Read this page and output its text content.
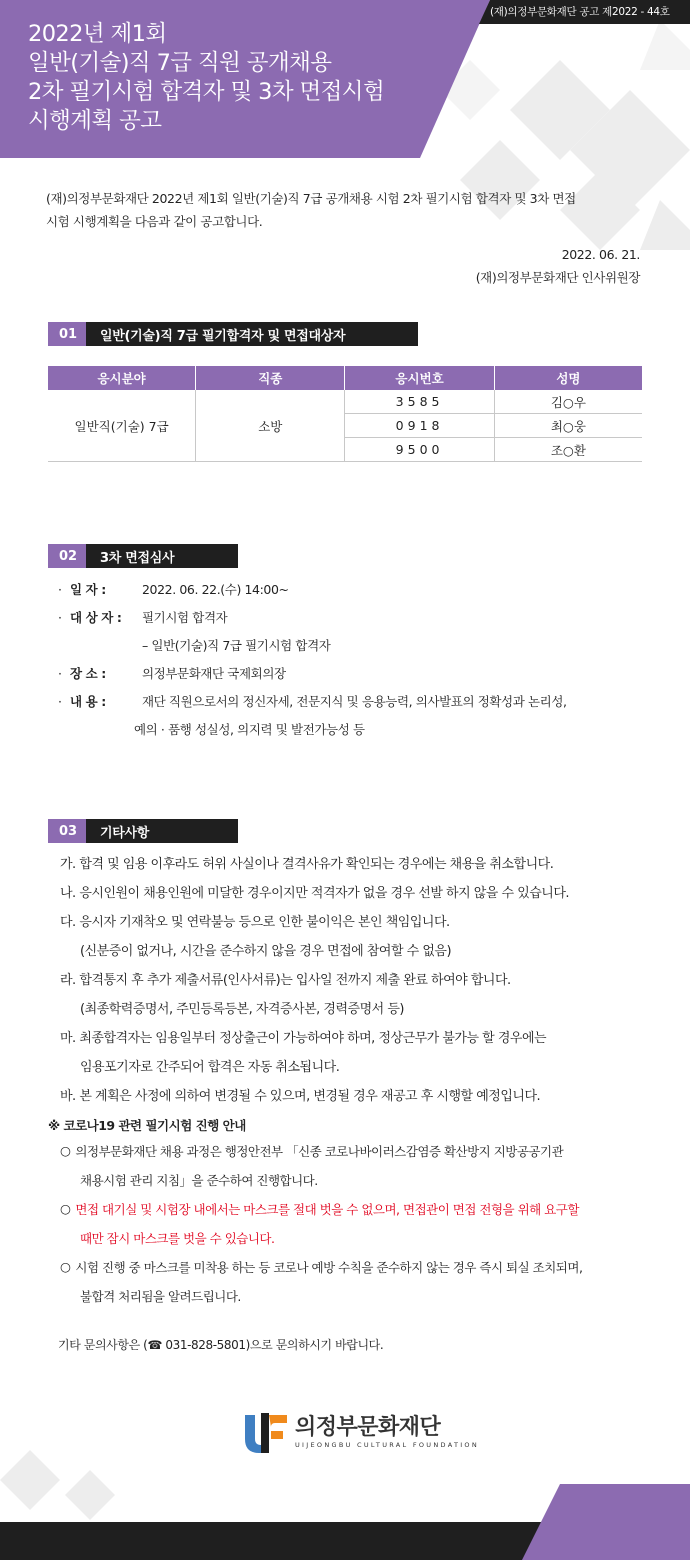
(재)의정부문화재단 공고 제2022 - 44호
2022년 제1회
일반(기술)직 7급 직원 공개채용
2차 필기시험 합격자 및 3차 면접시험
시행계획 공고
(재)의정부문화재단 2022년 제1회 일반(기술)직 7급 공개채용 시험 2차 필기시험 합격자 및 3차 면접
시험 시행계획을 다음과 같이 공고합니다.
2022. 06. 21.
(재)의정부문화재단 인사위원장
01	일반(기술)직 7급 필기합격자 및 면접대상자
응시분야	직종	응시번호	성명
일반직(기술) 7급	소방	3585	김○우
		0918	최○웅
		9500	조○환
02	3차 면접심사
· 일 자 :	2022. 06. 22.(수) 14:00~
· 대 상 자 :	필기시험 합격자
– 일반(기술)직 7급 필기시험 합격자
· 장 소 :	의정부문화재단 국제회의장
· 내 용 :	재단 직원으로서의 정신자세, 전문지식 및 응용능력, 의사발표의 정확성과 논리성,
예의 · 품행 성실성, 의지력 및 발전가능성 등
03	기타사항
가. 합격 및 임용 이후라도 허위 사실이나 결격사유가 확인되는 경우에는 채용을 취소합니다.
나. 응시인원이 채용인원에 미달한 경우이지만 적격자가 없을 경우 선발 하지 않을 수 있습니다.
다. 응시자 기재착오 및 연락불능 등으로 인한 불이익은 본인 책임입니다.
(신분증이 없거나, 시간을 준수하지 않을 경우 면접에 참여할 수 없음)
라. 합격통지 후 추가 제출서류(인사서류)는 입사일 전까지 제출 완료 하여야 합니다.
(최종학력증명서, 주민등록등본, 자격증사본, 경력증명서 등)
마. 최종합격자는 임용일부터 정상출근이 가능하여야 하며, 정상근무가 불가능 할 경우에는
임용포기자로 간주되어 합격은 자동 취소됩니다.
바. 본 계획은 사정에 의하여 변경될 수 있으며, 변경될 경우 재공고 후 시행할 예정입니다.
※ 코로나19 관련 필기시험 진행 안내
○ 의정부문화재단 채용 과정은 행정안전부 「신종 코로나바이러스감염증 확산방지 지방공공기관
채용시험 관리 지침」을 준수하여 진행합니다.
○ 면접 대기실 및 시험장 내에서는 마스크를 절대 벗을 수 없으며, 면접관이 면접 전형을 위해 요구할
때만 잠시 마스크를 벗을 수 있습니다.
○ 시험 진행 중 마스크를 미착용 하는 등 코로나 예방 수칙을 준수하지 않는 경우 즉시 퇴실 조치되며,
불합격 처리됨을 알려드립니다.
기타 문의사항은 (☎ 031-828-5801)으로 문의하시기 바랍니다.
의정부문화재단
UIJEONGBU CULTURAL FOUNDATION
